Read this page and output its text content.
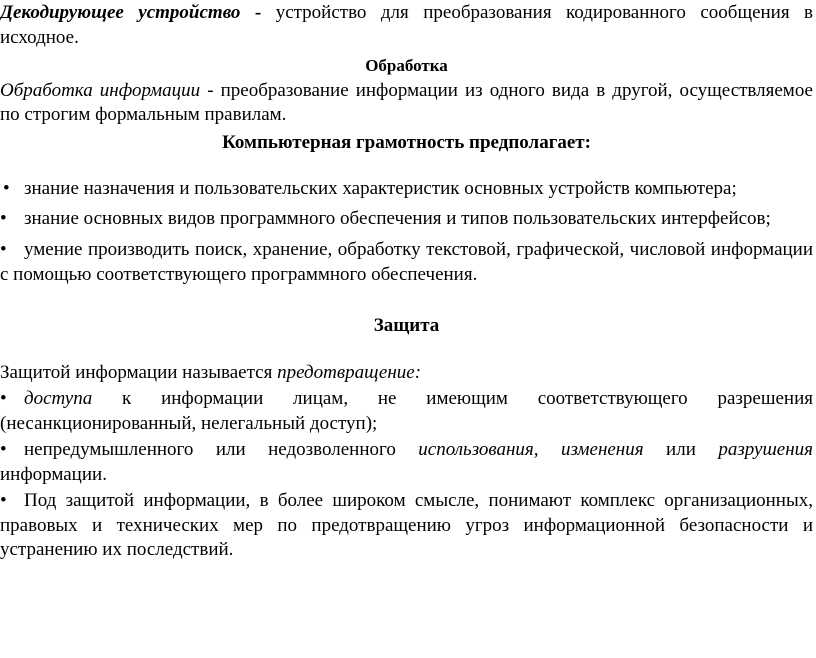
Декодирующее устройство - устройство для преобразования кодированного сообщения в исходное.

Обработка

Обработка информации - преобразование информации из одного вида в другой, осуществляемое по строгим формальным правилам.

Компьютерная грамотность предполагает:

• знание назначения и пользовательских характеристик основных устройств компьютера;

• знание основных видов программного обеспечения и типов пользовательских интерфейсов;

• умение производить поиск, хранение, обработку текстовой, графической, числовой информации с помощью соответствующего программного обеспечения.

Защита

Защитой информации называется предотвращение:

• доступа к информации лицам, не имеющим соответствующего разрешения (несанкционированный, нелегальный доступ);

• непредумышленного или недозволенного использования, изменения или разрушения информации.

• Под защитой информации, в более широком смысле, понимают комплекс организационных, правовых и технических мер по предотвращению угроз информационной безопасности и устранению их последствий.
